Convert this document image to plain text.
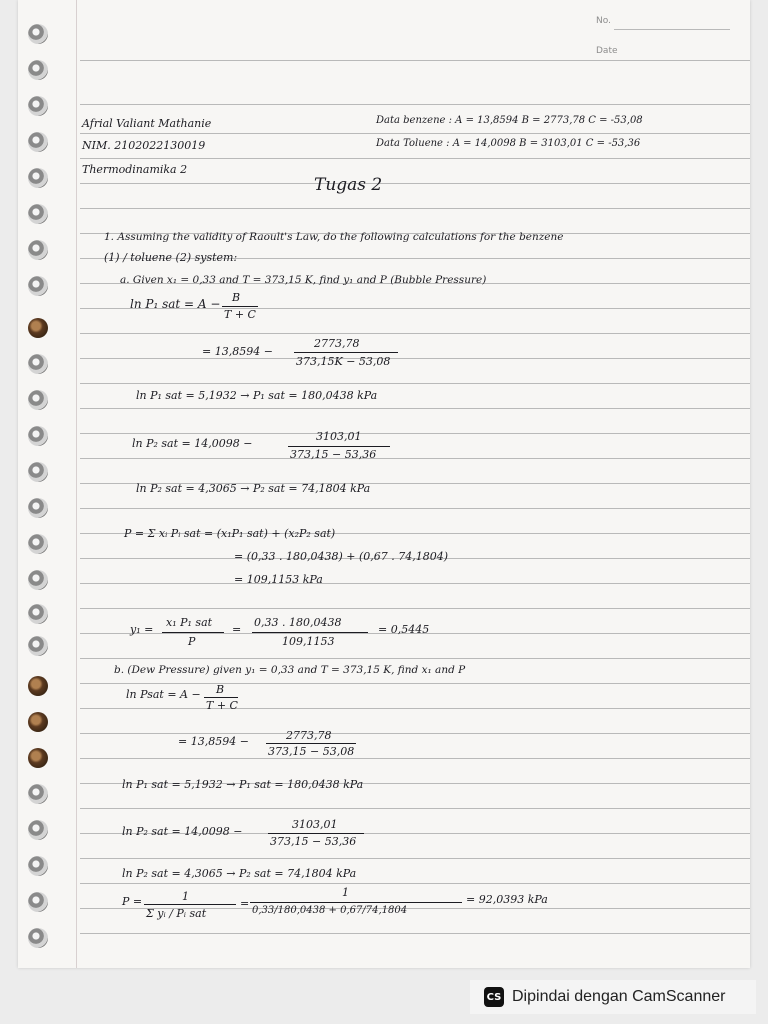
No.
Date
Afrial Valiant Mathanie
NIM. 2102022130019
Thermodinamika 2
Data benzene : A = 13,8594 B = 2773,78 C = -53,08
Data Toluene : A = 14,0098 B = 3103,01 C = -53,36
Tugas 2
1. Assuming the validity of Raoult's Law, do the following calculations for the benzene
(1) / toluene (2) system:
a. Given x₁ = 0,33 and T = 373,15 K, find y₁ and P (Bubble Pressure)
ln P₁ sat = A − B
T + C
= 13,8594 −
2773,78
373,15K − 53,08
ln P₁ sat = 5,1932 → P₁ sat = 180,0438 kPa
ln P₂ sat = 14,0098 −
3103,01
373,15 − 53,36
ln P₂ sat = 4,3065 → P₂ sat = 74,1804 kPa
P = Σ xᵢ Pᵢ sat = (x₁P₁ sat) + (x₂P₂ sat)
= (0,33 . 180,0438) + (0,67 . 74,1804)
= 109,1153 kPa
y₁ =
x₁ P₁ sat
P
=
0,33 . 180,0438
109,1153
= 0,5445
b. (Dew Pressure) given y₁ = 0,33 and T = 373,15 K, find x₁ and P
ln Psat = A − B
T + C
= 13,8594 −	2773,78
373,15 − 53,08
ln P₁ sat = 5,1932 → P₁ sat = 180,0438 kPa
ln P₂ sat = 14,0098 −
3103,01
373,15 − 53,36
ln P₂ sat = 4,3065 → P₂ sat = 74,1804 kPa
P =	1
Σ yᵢ / Pᵢ sat
=
1
0,33/180,0438 + 0,67/74,1804
= 92,0393 kPa
CS Dipindai dengan CamScanner
